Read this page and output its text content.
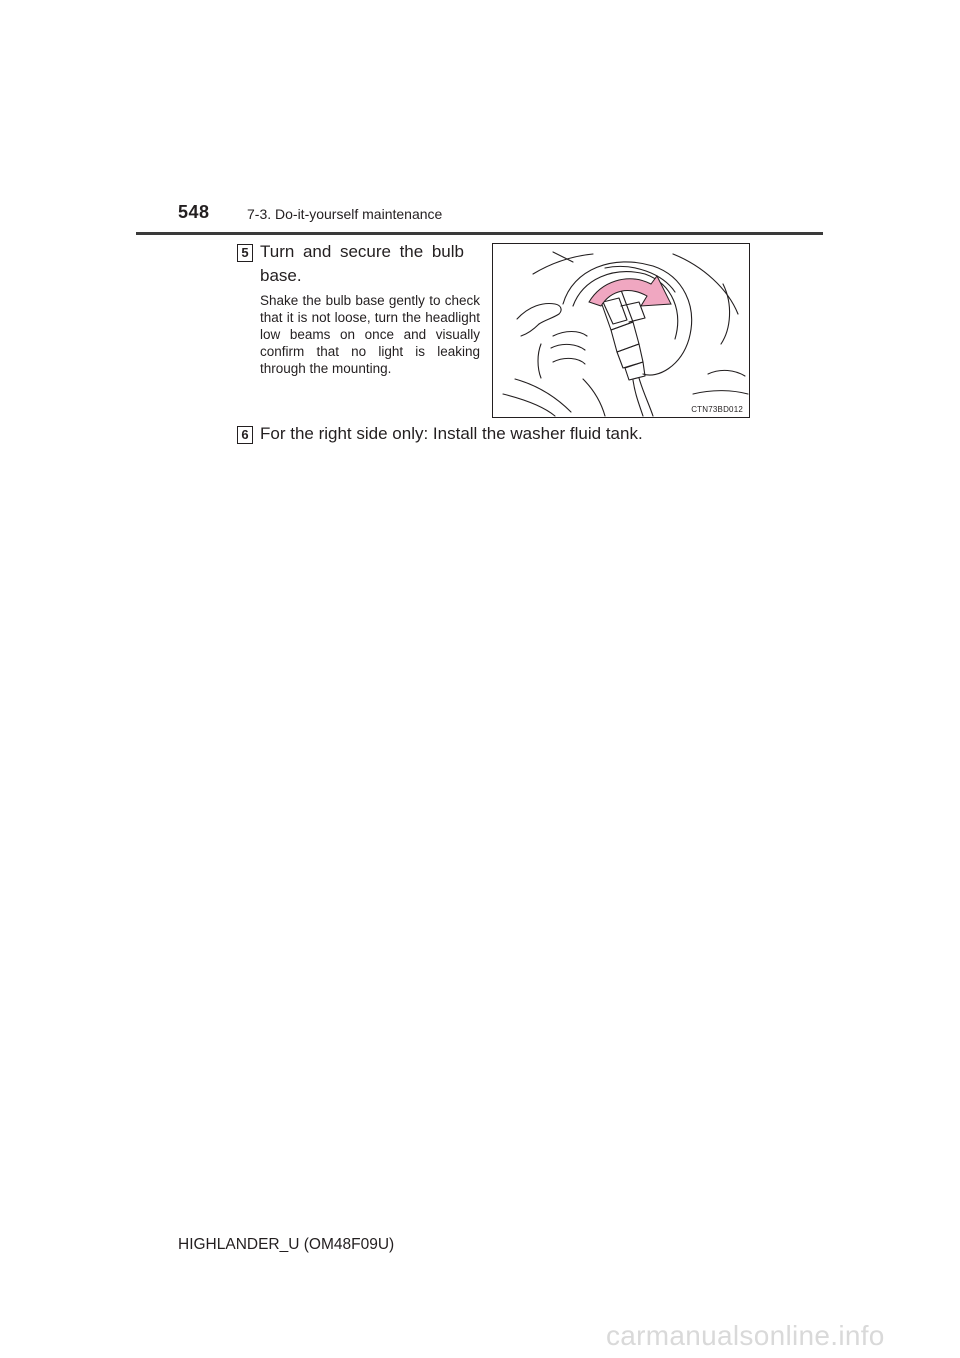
548	7-3. Do-it-yourself maintenance
5 Turn and secure the bulb base.
Shake the bulb base gently to check that it is not loose, turn the headlight low beams on once and visually confirm that no light is leaking through the mounting.
CTN73BD012
6 For the right side only: Install the washer fluid tank.
HIGHLANDER_U (OM48F09U)
carmanualsonline.info
